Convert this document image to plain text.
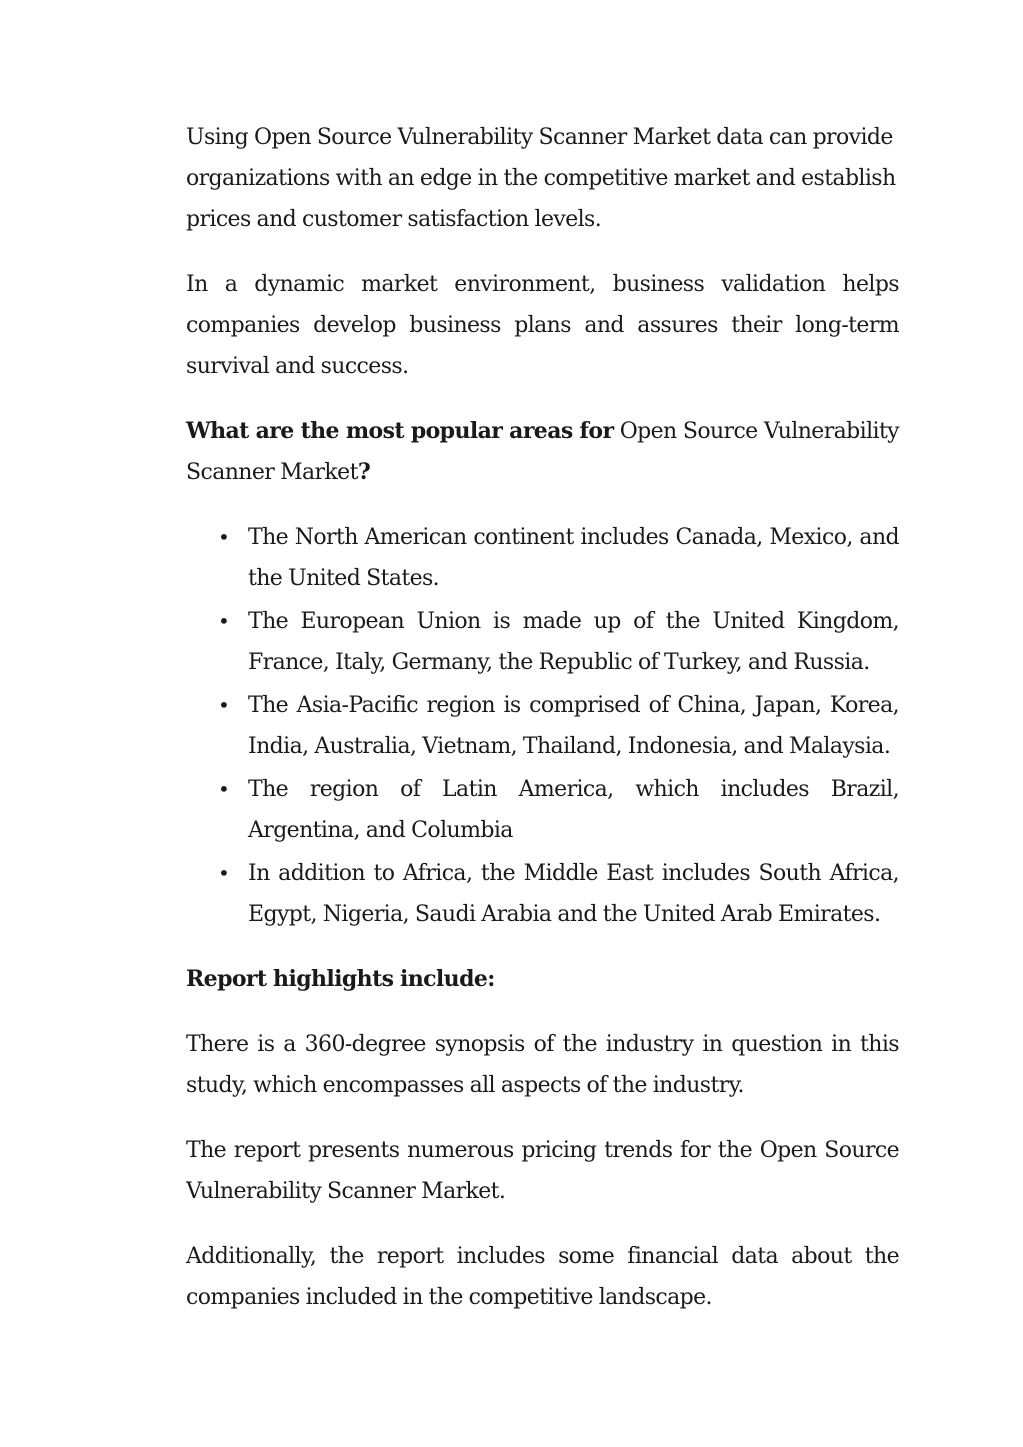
Using Open Source Vulnerability Scanner Market data can provide organizations with an edge in the competitive market and establish prices and customer satisfaction levels.

In a dynamic market environment, business validation helps companies develop business plans and assures their long-term survival and success.

What are the most popular areas for Open Source Vulnerability Scanner Market?

• The North American continent includes Canada, Mexico, and the United States.
• The European Union is made up of the United Kingdom, France, Italy, Germany, the Republic of Turkey, and Russia.
• The Asia-Pacific region is comprised of China, Japan, Korea, India, Australia, Vietnam, Thailand, Indonesia, and Malaysia.
• The region of Latin America, which includes Brazil, Argentina, and Columbia
• In addition to Africa, the Middle East includes South Africa, Egypt, Nigeria, Saudi Arabia and the United Arab Emirates.

Report highlights include:

There is a 360-degree synopsis of the industry in question in this study, which encompasses all aspects of the industry.

The report presents numerous pricing trends for the Open Source Vulnerability Scanner Market.

Additionally, the report includes some financial data about the companies included in the competitive landscape.
